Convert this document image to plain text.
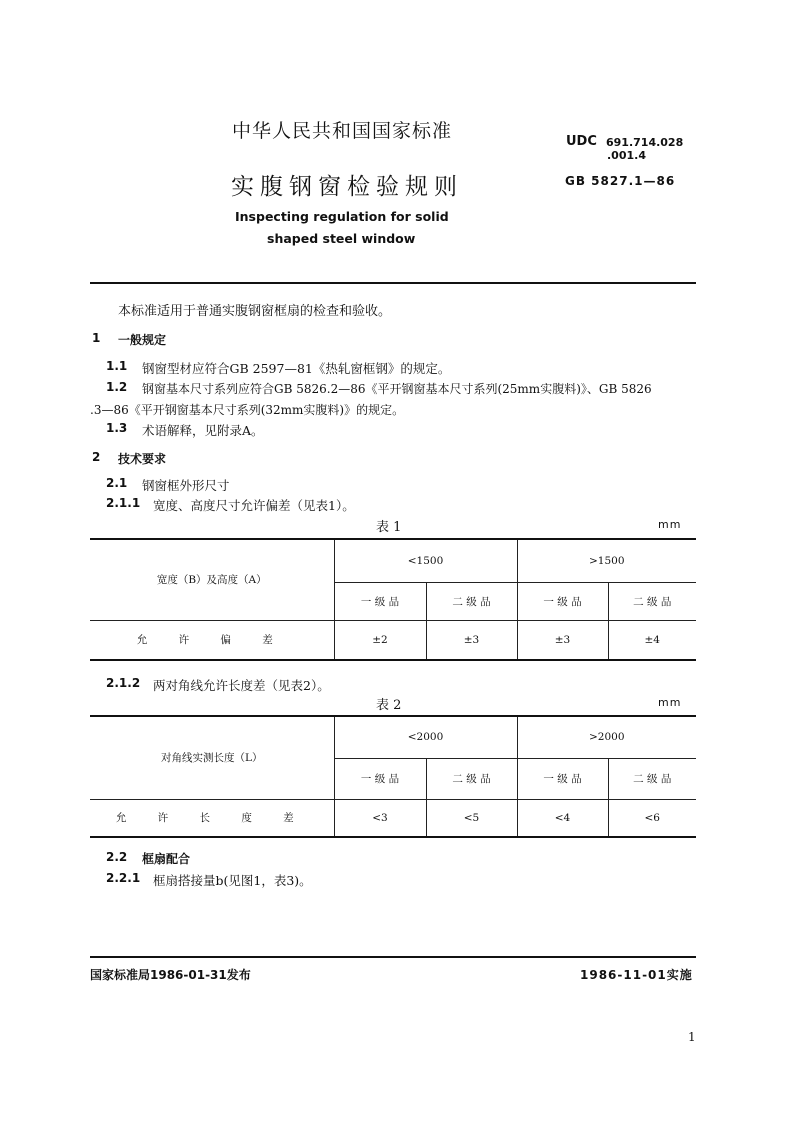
中华人民共和国国家标准	UDC 691.714.028
.001.4
GB 5827.1—86
实腹钢窗检验规则
Inspecting regulation for solid
shaped steel window
本标准适用于普通实腹钢窗框扇的检查和验收。
1 一般规定
1.1 钢窗型材应符合GB 2597—81《热轧窗框钢》的规定。
1.2 钢窗基本尺寸系列应符合GB 5826.2—86《平开钢窗基本尺寸系列(25mm实腹料)》、GB 5826
.3—86《平开钢窗基本尺寸系列(32mm实腹料)》的规定。
1.3 术语解释，见附录A。
2 技术要求
2.1 钢窗框外形尺寸
2.1.1 宽度、高度尺寸允许偏差（见表1）。
表 1	mm
宽度（B）及高度（A）	<1500		>1500	
	一 级 品	二 级 品	一 级 品	二 级 品
允 许 偏 差	±2	±3	±3	±4
2.1.2 两对角线允许长度差（见表2）。
表 2	mm
对角线实测长度（L）	<2000		>2000	
	一 级 品	二 级 品	一 级 品	二 级 品
允 许 长 度 差	<3	<5	<4	<6
2.2 框扇配合
2.2.1 框扇搭接量b(见图1，表3)。
国家标准局1986-01-31发布	1986-11-01实施
1
